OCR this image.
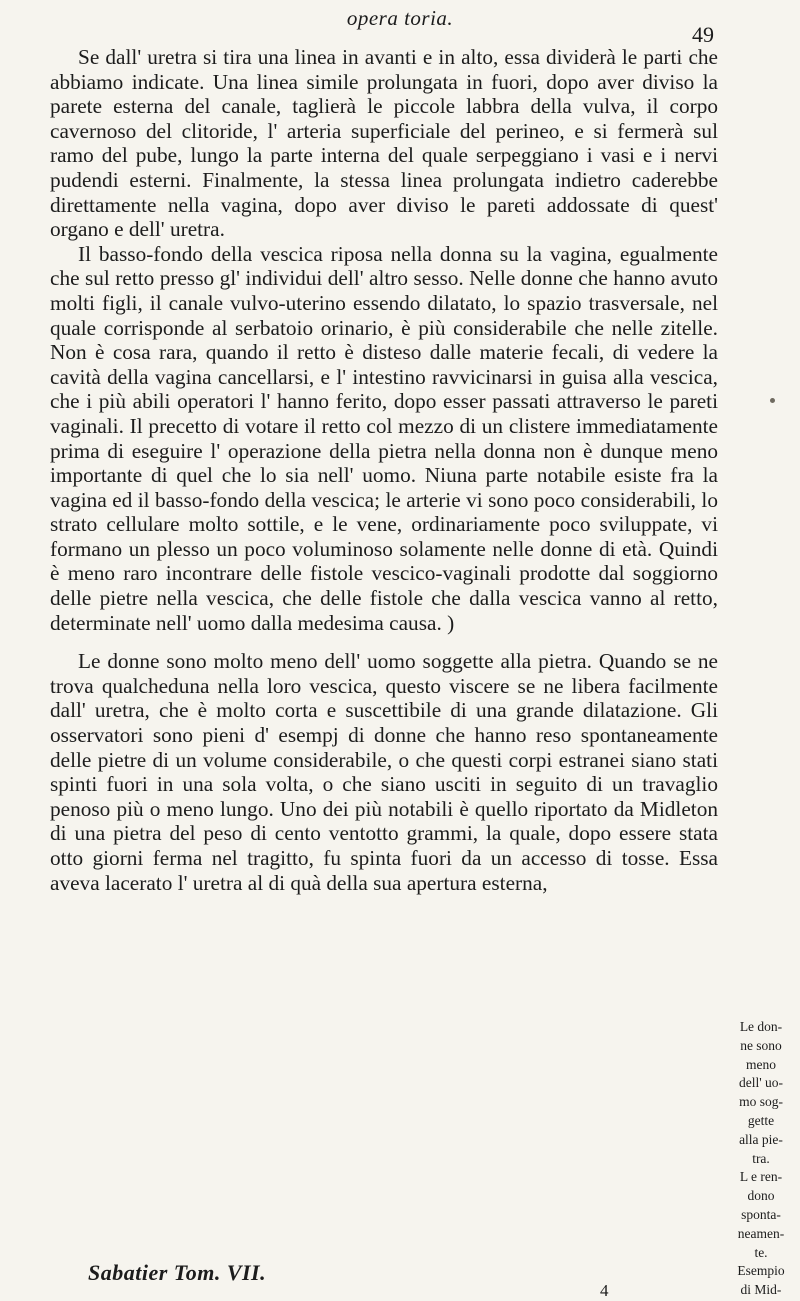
opera toria.
49

Se dall' uretra si tira una linea in avanti e in alto, essa dividerà le parti che abbiamo indicate. Una linea simile prolungata in fuori, dopo aver diviso la parete esterna del canale, taglierà le piccole labbra della vulva, il corpo cavernoso del clitoride, l' arteria superficiale del perineo, e si fermerà sul ramo del pube, lungo la parte interna del quale serpeggiano i vasi e i nervi pudendi esterni. Finalmente, la stessa linea prolungata indietro caderebbe direttamente nella vagina, dopo aver diviso le pareti addossate di quest' organo e dell' uretra.

Il basso-fondo della vescica riposa nella donna su la vagina, egualmente che sul retto presso gl' individui dell' altro sesso. Nelle donne che hanno avuto molti figli, il canale vulvo-uterino essendo dilatato, lo spazio trasversale, nel quale corrisponde al serbatoio orinario, è più considerabile che nelle zitelle. Non è cosa rara, quando il retto è disteso dalle materie fecali, di vedere la cavità della vagina cancellarsi, e l' intestino ravvicinarsi in guisa alla vescica, che i più abili operatori l' hanno ferito, dopo esser passati attraverso le pareti vaginali. Il precetto di votare il retto col mezzo di un clistere immediatamente prima di eseguire l' operazione della pietra nella donna non è dunque meno importante di quel che lo sia nell' uomo. Niuna parte notabile esiste fra la vagina ed il basso-fondo della vescica; le arterie vi sono poco considerabili, lo strato cellulare molto sottile, e le vene, ordinariamente poco sviluppate, vi formano un plesso un poco voluminoso solamente nelle donne di età. Quindi è meno raro incontrare delle fistole vescico-vaginali prodotte dal soggiorno delle pietre nella vescica, che delle fistole che dalla vescica vanno al retto, determinate nell' uomo dalla medesima causa. )

Le donne sono molto meno dell' uomo soggette alla pietra. Quando se ne trova qualcheduna nella loro vescica, questo viscere se ne libera facilmente dall' uretra, che è molto corta e suscettibile di una grande dilatazione. Gli osservatori sono pieni d' esempj di donne che hanno reso spontaneamente delle pietre di un volume considerabile, o che questi corpi estranei siano stati spinti fuori in una sola volta, o che siano usciti in seguito di un travaglio penoso più o meno lungo. Uno dei più notabili è quello riportato da Midleton di una pietra del peso di cento ventotto grammi, la quale, dopo essere stata otto giorni ferma nel tragitto, fu spinta fuori da un accesso di tosse. Essa aveva lacerato l' uretra al di quà della sua apertura esterna,

Le don-
ne sono
meno
dell' uo-
mo sog-
gette
alla pie-
tra.
L e ren-
dono
sponta-
neamen-
te.
Esempio
di Mid-
Sabatier Tom. VII.
4
